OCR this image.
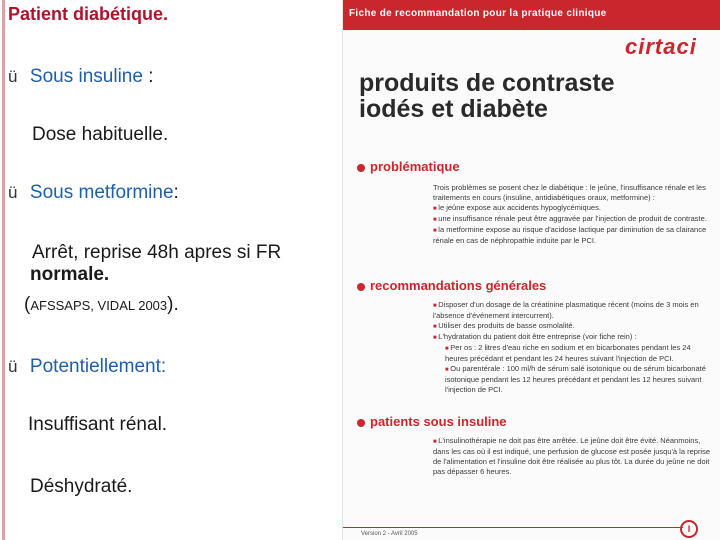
Patient diabétique.
ü Sous insuline :
Dose habituelle.
ü Sous metformine:
Arrêt, reprise 48h apres si FR
normale.
(AFSSAPS, VIDAL 2003).
ü Potentiellement:
Insuffisant rénal.
Déshydraté.
Fiche de recommandation pour la pratique clinique
cirtaci
produits de contraste
iodés et diabète
problématique
Trois problèmes se posent chez le diabétique : le jeûne, l'insuffisance rénale et les traitements en cours (insuline, antidiabétiques oraux, metformine) :
■ le jeûne expose aux accidents hypoglycémiques.
■ une insuffisance rénale peut être aggravée par l'injection de produit de contraste.
■ la metformine expose au risque d'acidose lactique par diminution de sa clairance rénale en cas de néphropathie induite par le PCI.
recommandations générales
■ Disposer d'un dosage de la créatinine plasmatique récent (moins de 3 mois en l'absence d'événement intercurrent).
■ Utiliser des produits de basse osmolalité.
■ L'hydratation du patient doit être entreprise (voir fiche rein) :
■ Per os : 2 litres d'eau riche en sodium et en bicarbonates pendant les 24 heures précédant et pendant les 24 heures suivant l'injection de PCI.
■ Ou parentérale : 100 ml/h de sérum salé isotonique ou de sérum bicarbonaté isotonique pendant les 12 heures précédant et pendant les 12 heures suivant l'injection de PCI.
patients sous insuline
■ L'insulinothérapie ne doit pas être arrêtée. Le jeûne doit être évité. Néanmoins, dans les cas où il est indiqué, une perfusion de glucose est posée jusqu'à la reprise de l'alimentation et l'insuline doit être réalisée au plus tôt. La durée du jeûne ne doit pas dépasser 6 heures.
Version 2 - Avril 2005	I
